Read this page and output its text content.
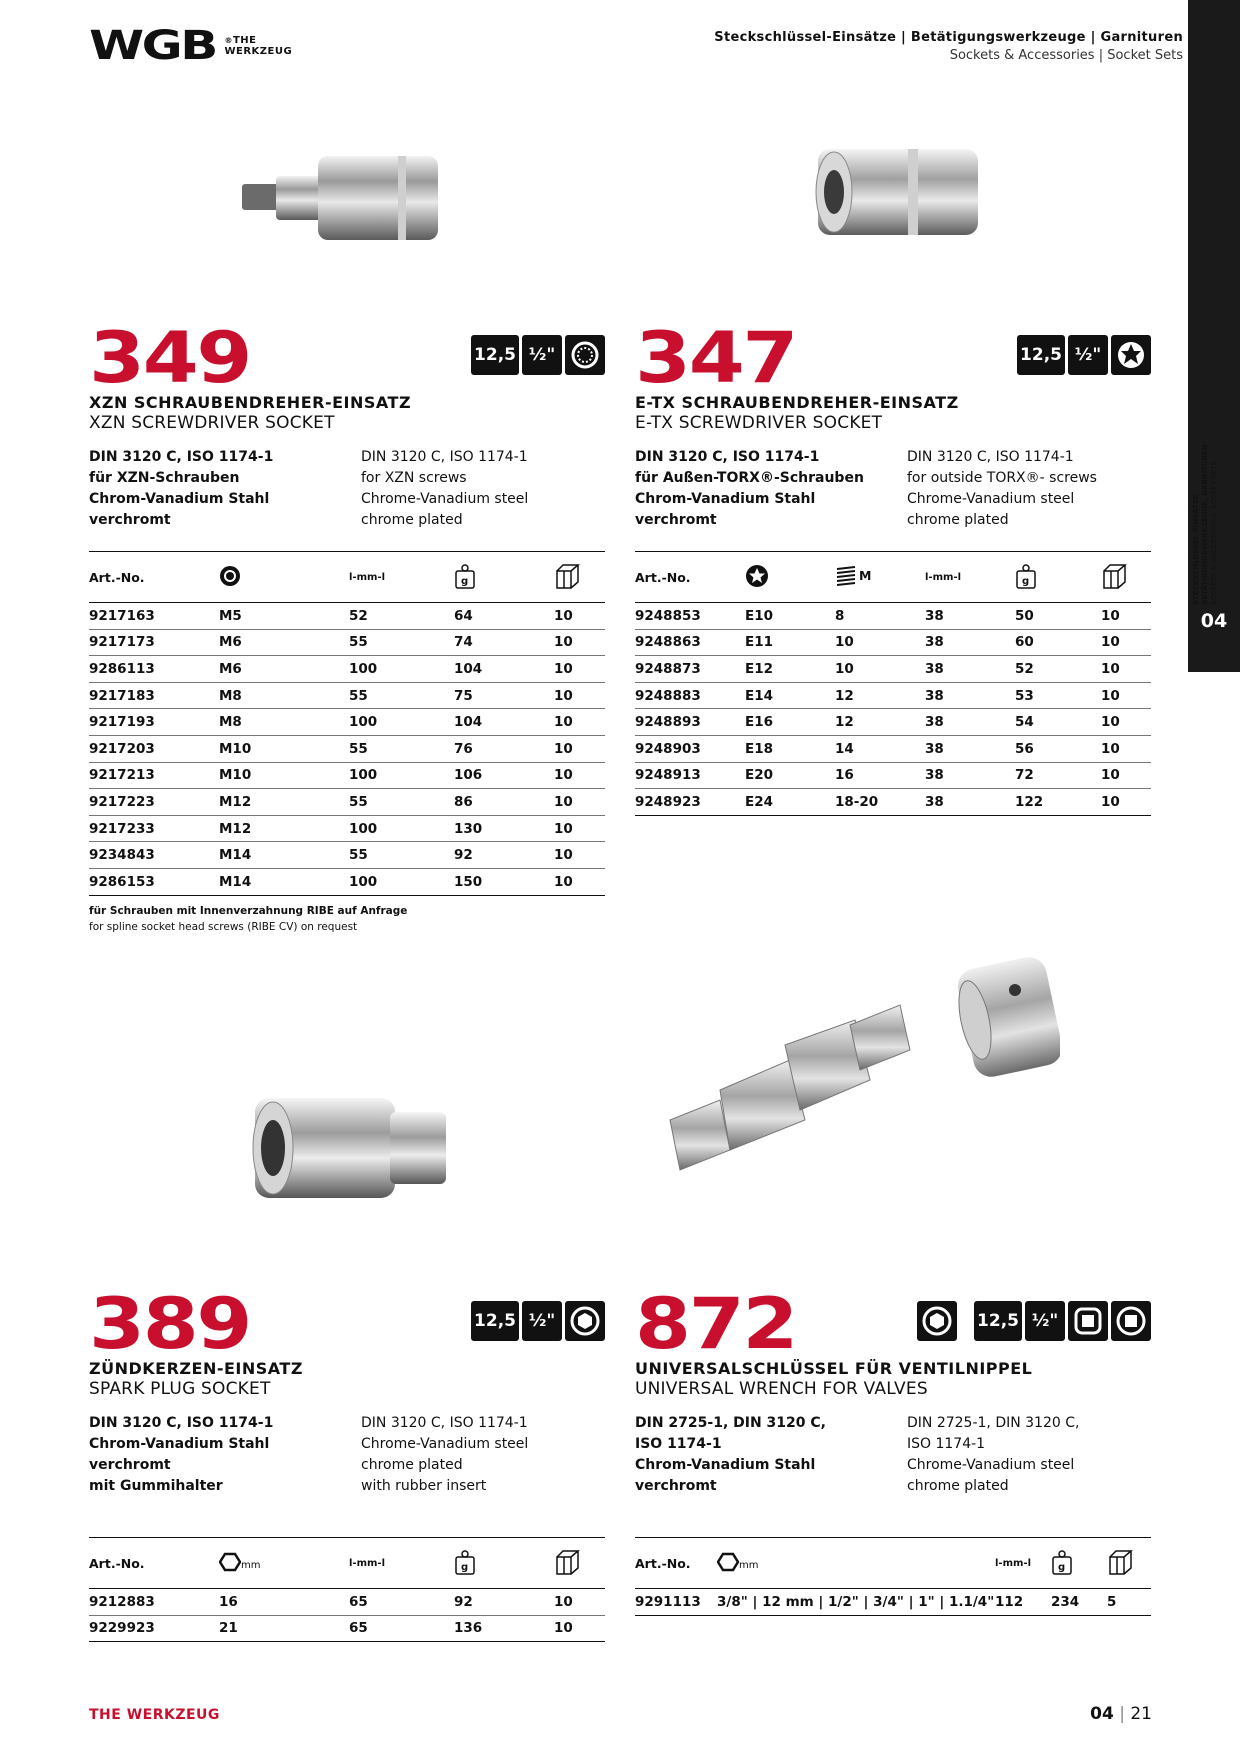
WGB ®THE
WERKZEUG
Steckschlüssel-Einsätze | Betätigungswerkzeuge | Garnituren
Sockets & Accessories | Socket Sets
STECKSCHLÜSSEL-EINSÄTZE BETÄTIGUNGSWERKZEUGE, GARNITUREN SOCKETS & ACCESSORIES, SOCKET SETS
04
349	12,5 ½"
XZN SCHRAUBENDREHER-EINSATZ
XZN SCREWDRIVER SOCKET
DIN 3120 C, ISO 1174-1
für XZN-Schrauben
Chrom-Vanadium Stahl
verchromt
DIN 3120 C, ISO 1174-1
for XZN screws
Chrome-Vanadium steel
chrome plated
Art.-No.		l-mm-l	g

9217163	M5	52	64	10
9217173	M6	55	74	10
9286113	M6	100	104	10
9217183	M8	55	75	10
9217193	M8	100	104	10
9217203	M10	55	76	10
9217213	M10	100	106	10
9217223	M12	55	86	10
9217233	M12	100	130	10
9234843	M14	55	92	10
9286153	M14	100	150	10
für Schrauben mit Innenverzahnung RIBE auf Anfrage
for spline socket head screws (RIBE CV) on request
347	12,5 ½"
E-TX SCHRAUBENDREHER-EINSATZ
E-TX SCREWDRIVER SOCKET
DIN 3120 C, ISO 1174-1
für Außen-TORX®-Schrauben
Chrom-Vanadium Stahl
verchromt
DIN 3120 C, ISO 1174-1
for outside TORX®- screws
Chrome-Vanadium steel
chrome plated
Art.-No.		M	l-mm-l	g

9248853	E10	8	38	50	10
9248863	E11	10	38	60	10
9248873	E12	10	38	52	10
9248883	E14	12	38	53	10
9248893	E16	12	38	54	10
9248903	E18	14	38	56	10
9248913	E20	16	38	72	10
9248923	E24	18-20	38	122	10
389	12,5 ½"
ZÜNDKERZEN-EINSATZ
SPARK PLUG SOCKET
DIN 3120 C, ISO 1174-1
Chrom-Vanadium Stahl
verchromt
mit Gummihalter
DIN 3120 C, ISO 1174-1
Chrome-Vanadium steel
chrome plated
with rubber insert
Art.-No.	mm	l-mm-l	g

9212883	16	65	92	10
9229923	21	65	136	10
872	12,5 ½"
UNIVERSALSCHLÜSSEL FÜR VENTILNIPPEL
UNIVERSAL WRENCH FOR VALVES
DIN 2725-1, DIN 3120 C,
ISO 1174-1
Chrom-Vanadium Stahl
verchromt
DIN 2725-1, DIN 3120 C,
ISO 1174-1
Chrome-Vanadium steel
chrome plated
Art.-No.	mm	l-mm-l	g

9291113	3/8" | 12 mm | 1/2" | 3/4" | 1" | 1.1/4"	112	234	5
THE WERKZEUG	04 | 21
